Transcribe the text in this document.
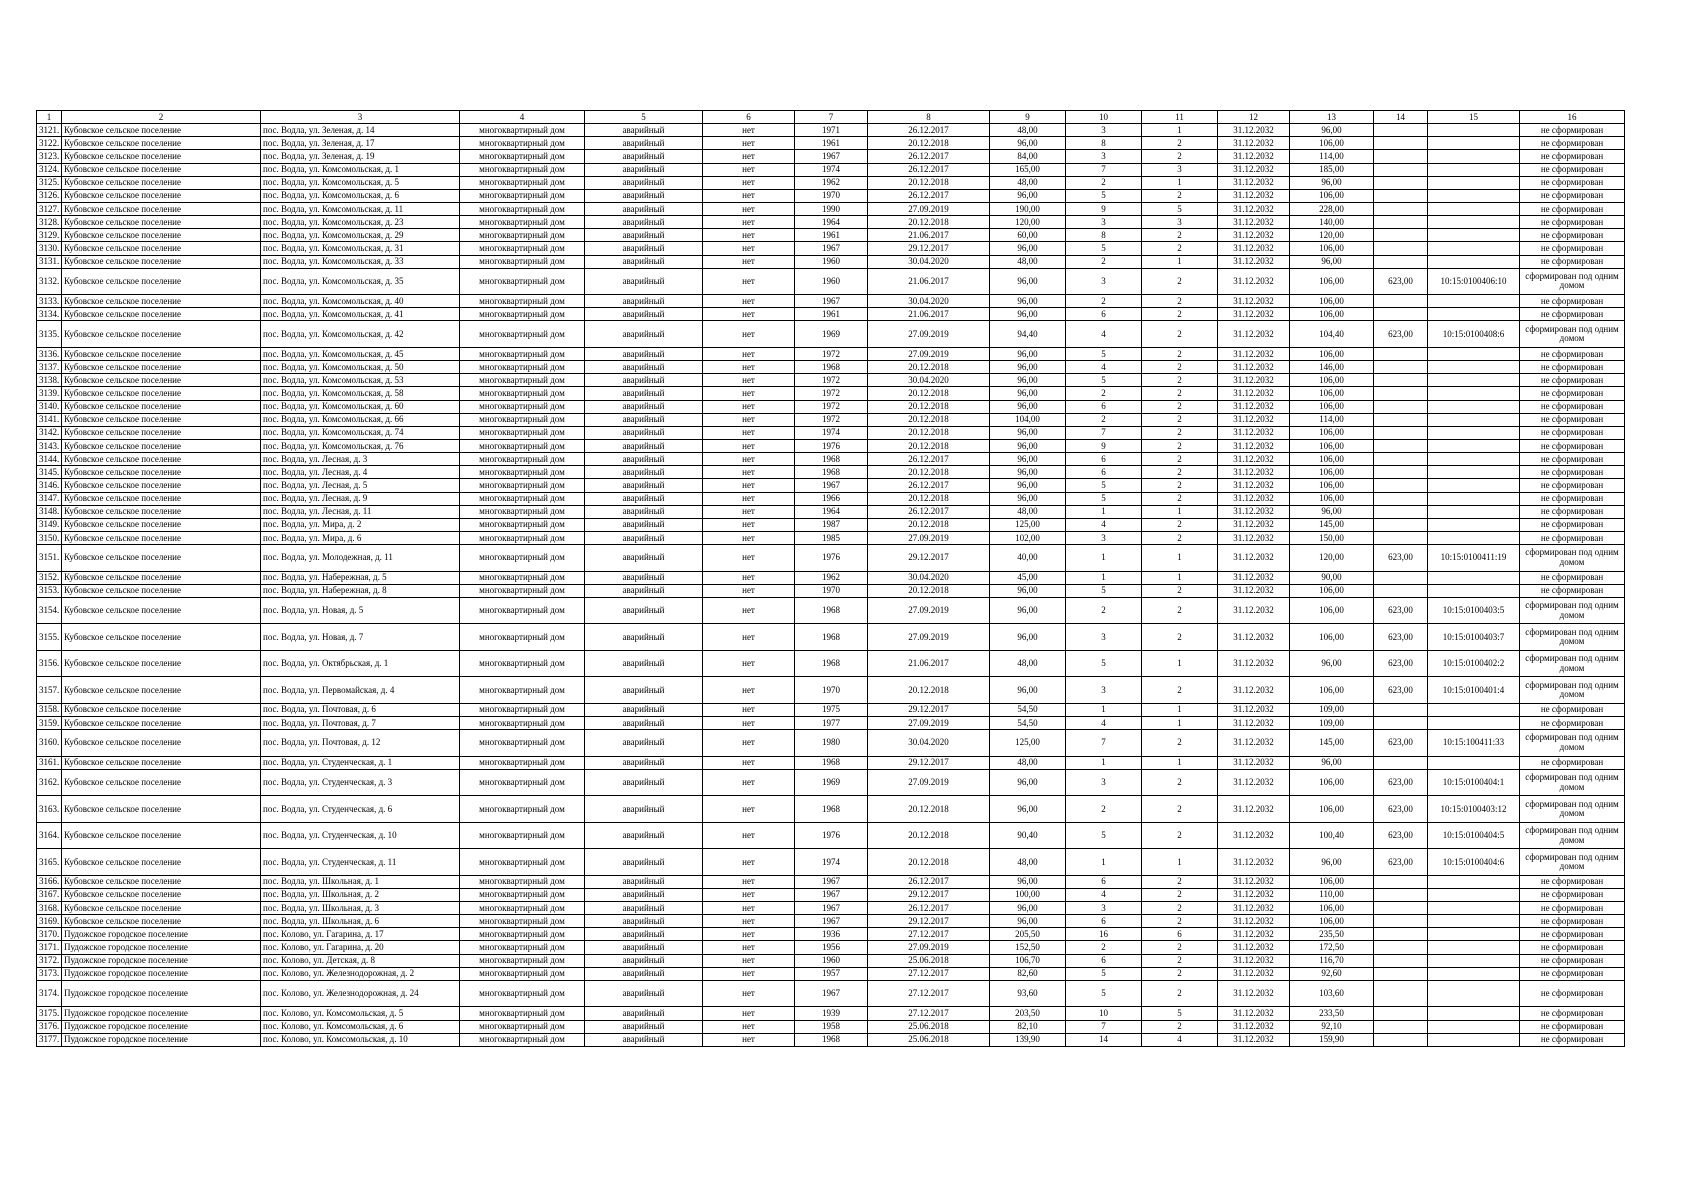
1	2	3	4	5	6	7	8	9	10	11	12	13	14	15	16
3121.	Кубовское сельское поселение	пос. Водла, ул. Зеленая, д. 14	многоквартирный дом	аварийный	нет	1971	26.12.2017	48,00	3	1	31.12.2032	96,00			не сформирован
3122.	Кубовское сельское поселение	пос. Водла, ул. Зеленая, д. 17	многоквартирный дом	аварийный	нет	1961	20.12.2018	96,00	8	2	31.12.2032	106,00			не сформирован
3123.	Кубовское сельское поселение	пос. Водла, ул. Зеленая, д. 19	многоквартирный дом	аварийный	нет	1967	26.12.2017	84,00	3	2	31.12.2032	114,00			не сформирован
3124.	Кубовское сельское поселение	пос. Водла, ул. Комсомольская, д. 1	многоквартирный дом	аварийный	нет	1974	26.12.2017	165,00	7	3	31.12.2032	185,00			не сформирован
3125.	Кубовское сельское поселение	пос. Водла, ул. Комсомольская, д. 5	многоквартирный дом	аварийный	нет	1962	20.12.2018	48,00	2	1	31.12.2032	96,00			не сформирован
3126.	Кубовское сельское поселение	пос. Водла, ул. Комсомольская, д. 6	многоквартирный дом	аварийный	нет	1970	26.12.2017	96,00	5	2	31.12.2032	106,00			не сформирован
3127.	Кубовское сельское поселение	пос. Водла, ул. Комсомольская, д. 11	многоквартирный дом	аварийный	нет	1990	27.09.2019	190,00	9	5	31.12.2032	228,00			не сформирован
3128.	Кубовское сельское поселение	пос. Водла, ул. Комсомольская, д. 23	многоквартирный дом	аварийный	нет	1964	20.12.2018	120,00	3	3	31.12.2032	140,00			не сформирован
3129.	Кубовское сельское поселение	пос. Водла, ул. Комсомольская, д. 29	многоквартирный дом	аварийный	нет	1961	21.06.2017	60,00	8	2	31.12.2032	120,00			не сформирован
3130.	Кубовское сельское поселение	пос. Водла, ул. Комсомольская, д. 31	многоквартирный дом	аварийный	нет	1967	29.12.2017	96,00	5	2	31.12.2032	106,00			не сформирован
3131.	Кубовское сельское поселение	пос. Водла, ул. Комсомольская, д. 33	многоквартирный дом	аварийный	нет	1960	30.04.2020	48,00	2	1	31.12.2032	96,00			не сформирован
3132.	Кубовское сельское поселение	пос. Водла, ул. Комсомольская, д. 35	многоквартирный дом	аварийный	нет	1960	21.06.2017	96,00	3	2	31.12.2032	106,00	623,00	10:15:0100406:10	сформирован под одним домом
3133.	Кубовское сельское поселение	пос. Водла, ул. Комсомольская, д. 40	многоквартирный дом	аварийный	нет	1967	30.04.2020	96,00	2	2	31.12.2032	106,00			не сформирован
3134.	Кубовское сельское поселение	пос. Водла, ул. Комсомольская, д. 41	многоквартирный дом	аварийный	нет	1961	21.06.2017	96,00	6	2	31.12.2032	106,00			не сформирован
3135.	Кубовское сельское поселение	пос. Водла, ул. Комсомольская, д. 42	многоквартирный дом	аварийный	нет	1969	27.09.2019	94,40	4	2	31.12.2032	104,40	623,00	10:15:0100408:6	сформирован под одним домом
3136.	Кубовское сельское поселение	пос. Водла, ул. Комсомольская, д. 45	многоквартирный дом	аварийный	нет	1972	27.09.2019	96,00	5	2	31.12.2032	106,00			не сформирован
3137.	Кубовское сельское поселение	пос. Водла, ул. Комсомольская, д. 50	многоквартирный дом	аварийный	нет	1968	20.12.2018	96,00	4	2	31.12.2032	146,00			не сформирован
3138.	Кубовское сельское поселение	пос. Водла, ул. Комсомольская, д. 53	многоквартирный дом	аварийный	нет	1972	30.04.2020	96,00	5	2	31.12.2032	106,00			не сформирован
3139.	Кубовское сельское поселение	пос. Водла, ул. Комсомольская, д. 58	многоквартирный дом	аварийный	нет	1972	20.12.2018	96,00	2	2	31.12.2032	106,00			не сформирован
3140.	Кубовское сельское поселение	пос. Водла, ул. Комсомольская, д. 60	многоквартирный дом	аварийный	нет	1972	20.12.2018	96,00	6	2	31.12.2032	106,00			не сформирован
3141.	Кубовское сельское поселение	пос. Водла, ул. Комсомольская, д. 66	многоквартирный дом	аварийный	нет	1972	20.12.2018	104,00	2	2	31.12.2032	114,00			не сформирован
3142.	Кубовское сельское поселение	пос. Водла, ул. Комсомольская, д. 74	многоквартирный дом	аварийный	нет	1974	20.12.2018	96,00	7	2	31.12.2032	106,00			не сформирован
3143.	Кубовское сельское поселение	пос. Водла, ул. Комсомольская, д. 76	многоквартирный дом	аварийный	нет	1976	20.12.2018	96,00	9	2	31.12.2032	106,00			не сформирован
3144.	Кубовское сельское поселение	пос. Водла, ул. Лесная, д. 3	многоквартирный дом	аварийный	нет	1968	26.12.2017	96,00	6	2	31.12.2032	106,00			не сформирован
3145.	Кубовское сельское поселение	пос. Водла, ул. Лесная, д. 4	многоквартирный дом	аварийный	нет	1968	20.12.2018	96,00	6	2	31.12.2032	106,00			не сформирован
3146.	Кубовское сельское поселение	пос. Водла, ул. Лесная, д. 5	многоквартирный дом	аварийный	нет	1967	26.12.2017	96,00	5	2	31.12.2032	106,00			не сформирован
3147.	Кубовское сельское поселение	пос. Водла, ул. Лесная, д. 9	многоквартирный дом	аварийный	нет	1966	20.12.2018	96,00	5	2	31.12.2032	106,00			не сформирован
3148.	Кубовское сельское поселение	пос. Водла, ул. Лесная, д. 11	многоквартирный дом	аварийный	нет	1964	26.12.2017	48,00	1	1	31.12.2032	96,00			не сформирован
3149.	Кубовское сельское поселение	пос. Водла, ул. Мира, д. 2	многоквартирный дом	аварийный	нет	1987	20.12.2018	125,00	4	2	31.12.2032	145,00			не сформирован
3150.	Кубовское сельское поселение	пос. Водла, ул. Мира, д. 6	многоквартирный дом	аварийный	нет	1985	27.09.2019	102,00	3	2	31.12.2032	150,00			не сформирован
3151.	Кубовское сельское поселение	пос. Водла, ул. Молодежная, д. 11	многоквартирный дом	аварийный	нет	1976	29.12.2017	40,00	1	1	31.12.2032	120,00	623,00	10:15:0100411:19	сформирован под одним домом
3152.	Кубовское сельское поселение	пос. Водла, ул. Набережная, д. 5	многоквартирный дом	аварийный	нет	1962	30.04.2020	45,00	1	1	31.12.2032	90,00			не сформирован
3153.	Кубовское сельское поселение	пос. Водла, ул. Набережная, д. 8	многоквартирный дом	аварийный	нет	1970	20.12.2018	96,00	5	2	31.12.2032	106,00			не сформирован
3154.	Кубовское сельское поселение	пос. Водла, ул. Новая, д. 5	многоквартирный дом	аварийный	нет	1968	27.09.2019	96,00	2	2	31.12.2032	106,00	623,00	10:15:0100403:5	сформирован под одним домом
3155.	Кубовское сельское поселение	пос. Водла, ул. Новая, д. 7	многоквартирный дом	аварийный	нет	1968	27.09.2019	96,00	3	2	31.12.2032	106,00	623,00	10:15:0100403:7	сформирован под одним домом
3156.	Кубовское сельское поселение	пос. Водла, ул. Октябрьская, д. 1	многоквартирный дом	аварийный	нет	1968	21.06.2017	48,00	5	1	31.12.2032	96,00	623,00	10:15:0100402:2	сформирован под одним домом
3157.	Кубовское сельское поселение	пос. Водла, ул. Первомайская, д. 4	многоквартирный дом	аварийный	нет	1970	20.12.2018	96,00	3	2	31.12.2032	106,00	623,00	10:15:0100401:4	сформирован под одним домом
3158.	Кубовское сельское поселение	пос. Водла, ул. Почтовая, д. 6	многоквартирный дом	аварийный	нет	1975	29.12.2017	54,50	1	1	31.12.2032	109,00			не сформирован
3159.	Кубовское сельское поселение	пос. Водла, ул. Почтовая, д. 7	многоквартирный дом	аварийный	нет	1977	27.09.2019	54,50	4	1	31.12.2032	109,00			не сформирован
3160.	Кубовское сельское поселение	пос. Водла, ул. Почтовая, д. 12	многоквартирный дом	аварийный	нет	1980	30.04.2020	125,00	7	2	31.12.2032	145,00	623,00	10:15:100411:33	сформирован под одним домом
3161.	Кубовское сельское поселение	пос. Водла, ул. Студенческая, д. 1	многоквартирный дом	аварийный	нет	1968	29.12.2017	48,00	1	1	31.12.2032	96,00			не сформирован
3162.	Кубовское сельское поселение	пос. Водла, ул. Студенческая, д. 3	многоквартирный дом	аварийный	нет	1969	27.09.2019	96,00	3	2	31.12.2032	106,00	623,00	10:15:0100404:1	сформирован под одним домом
3163.	Кубовское сельское поселение	пос. Водла, ул. Студенческая, д. 6	многоквартирный дом	аварийный	нет	1968	20.12.2018	96,00	2	2	31.12.2032	106,00	623,00	10:15:0100403:12	сформирован под одним домом
3164.	Кубовское сельское поселение	пос. Водла, ул. Студенческая, д. 10	многоквартирный дом	аварийный	нет	1976	20.12.2018	90,40	5	2	31.12.2032	100,40	623,00	10:15:0100404:5	сформирован под одним домом
3165.	Кубовское сельское поселение	пос. Водла, ул. Студенческая, д. 11	многоквартирный дом	аварийный	нет	1974	20.12.2018	48,00	1	1	31.12.2032	96,00	623,00	10:15:0100404:6	сформирован под одним домом
3166.	Кубовское сельское поселение	пос. Водла, ул. Школьная, д. 1	многоквартирный дом	аварийный	нет	1967	26.12.2017	96,00	6	2	31.12.2032	106,00			не сформирован
3167.	Кубовское сельское поселение	пос. Водла, ул. Школьная, д. 2	многоквартирный дом	аварийный	нет	1967	29.12.2017	100,00	4	2	31.12.2032	110,00			не сформирован
3168.	Кубовское сельское поселение	пос. Водла, ул. Школьная, д. 3	многоквартирный дом	аварийный	нет	1967	26.12.2017	96,00	3	2	31.12.2032	106,00			не сформирован
3169.	Кубовское сельское поселение	пос. Водла, ул. Школьная, д. 6	многоквартирный дом	аварийный	нет	1967	29.12.2017	96,00	6	2	31.12.2032	106,00			не сформирован
3170.	Пудожское городское поселение	пос. Колово, ул. Гагарина, д. 17	многоквартирный дом	аварийный	нет	1936	27.12.2017	205,50	16	6	31.12.2032	235,50			не сформирован
3171.	Пудожское городское поселение	пос. Колово, ул. Гагарина, д. 20	многоквартирный дом	аварийный	нет	1956	27.09.2019	152,50	2	2	31.12.2032	172,50			не сформирован
3172.	Пудожское городское поселение	пос. Колово, ул. Детская, д. 8	многоквартирный дом	аварийный	нет	1960	25.06.2018	106,70	6	2	31.12.2032	116,70			не сформирован
3173.	Пудожское городское поселение	пос. Колово, ул. Железнодорожная, д. 2	многоквартирный дом	аварийный	нет	1957	27.12.2017	82,60	5	2	31.12.2032	92,60			не сформирован
3174.	Пудожское городское поселение	пос. Колово, ул. Железнодорожная, д. 24	многоквартирный дом	аварийный	нет	1967	27.12.2017	93,60	5	2	31.12.2032	103,60			не сформирован
3175.	Пудожское городское поселение	пос. Колово, ул. Комсомольская, д. 5	многоквартирный дом	аварийный	нет	1939	27.12.2017	203,50	10	5	31.12.2032	233,50			не сформирован
3176.	Пудожское городское поселение	пос. Колово, ул. Комсомольская, д. 6	многоквартирный дом	аварийный	нет	1958	25.06.2018	82,10	7	2	31.12.2032	92,10			не сформирован
3177.	Пудожское городское поселение	пос. Колово, ул. Комсомольская, д. 10	многоквартирный дом	аварийный	нет	1968	25.06.2018	139,90	14	4	31.12.2032	159,90			не сформирован
